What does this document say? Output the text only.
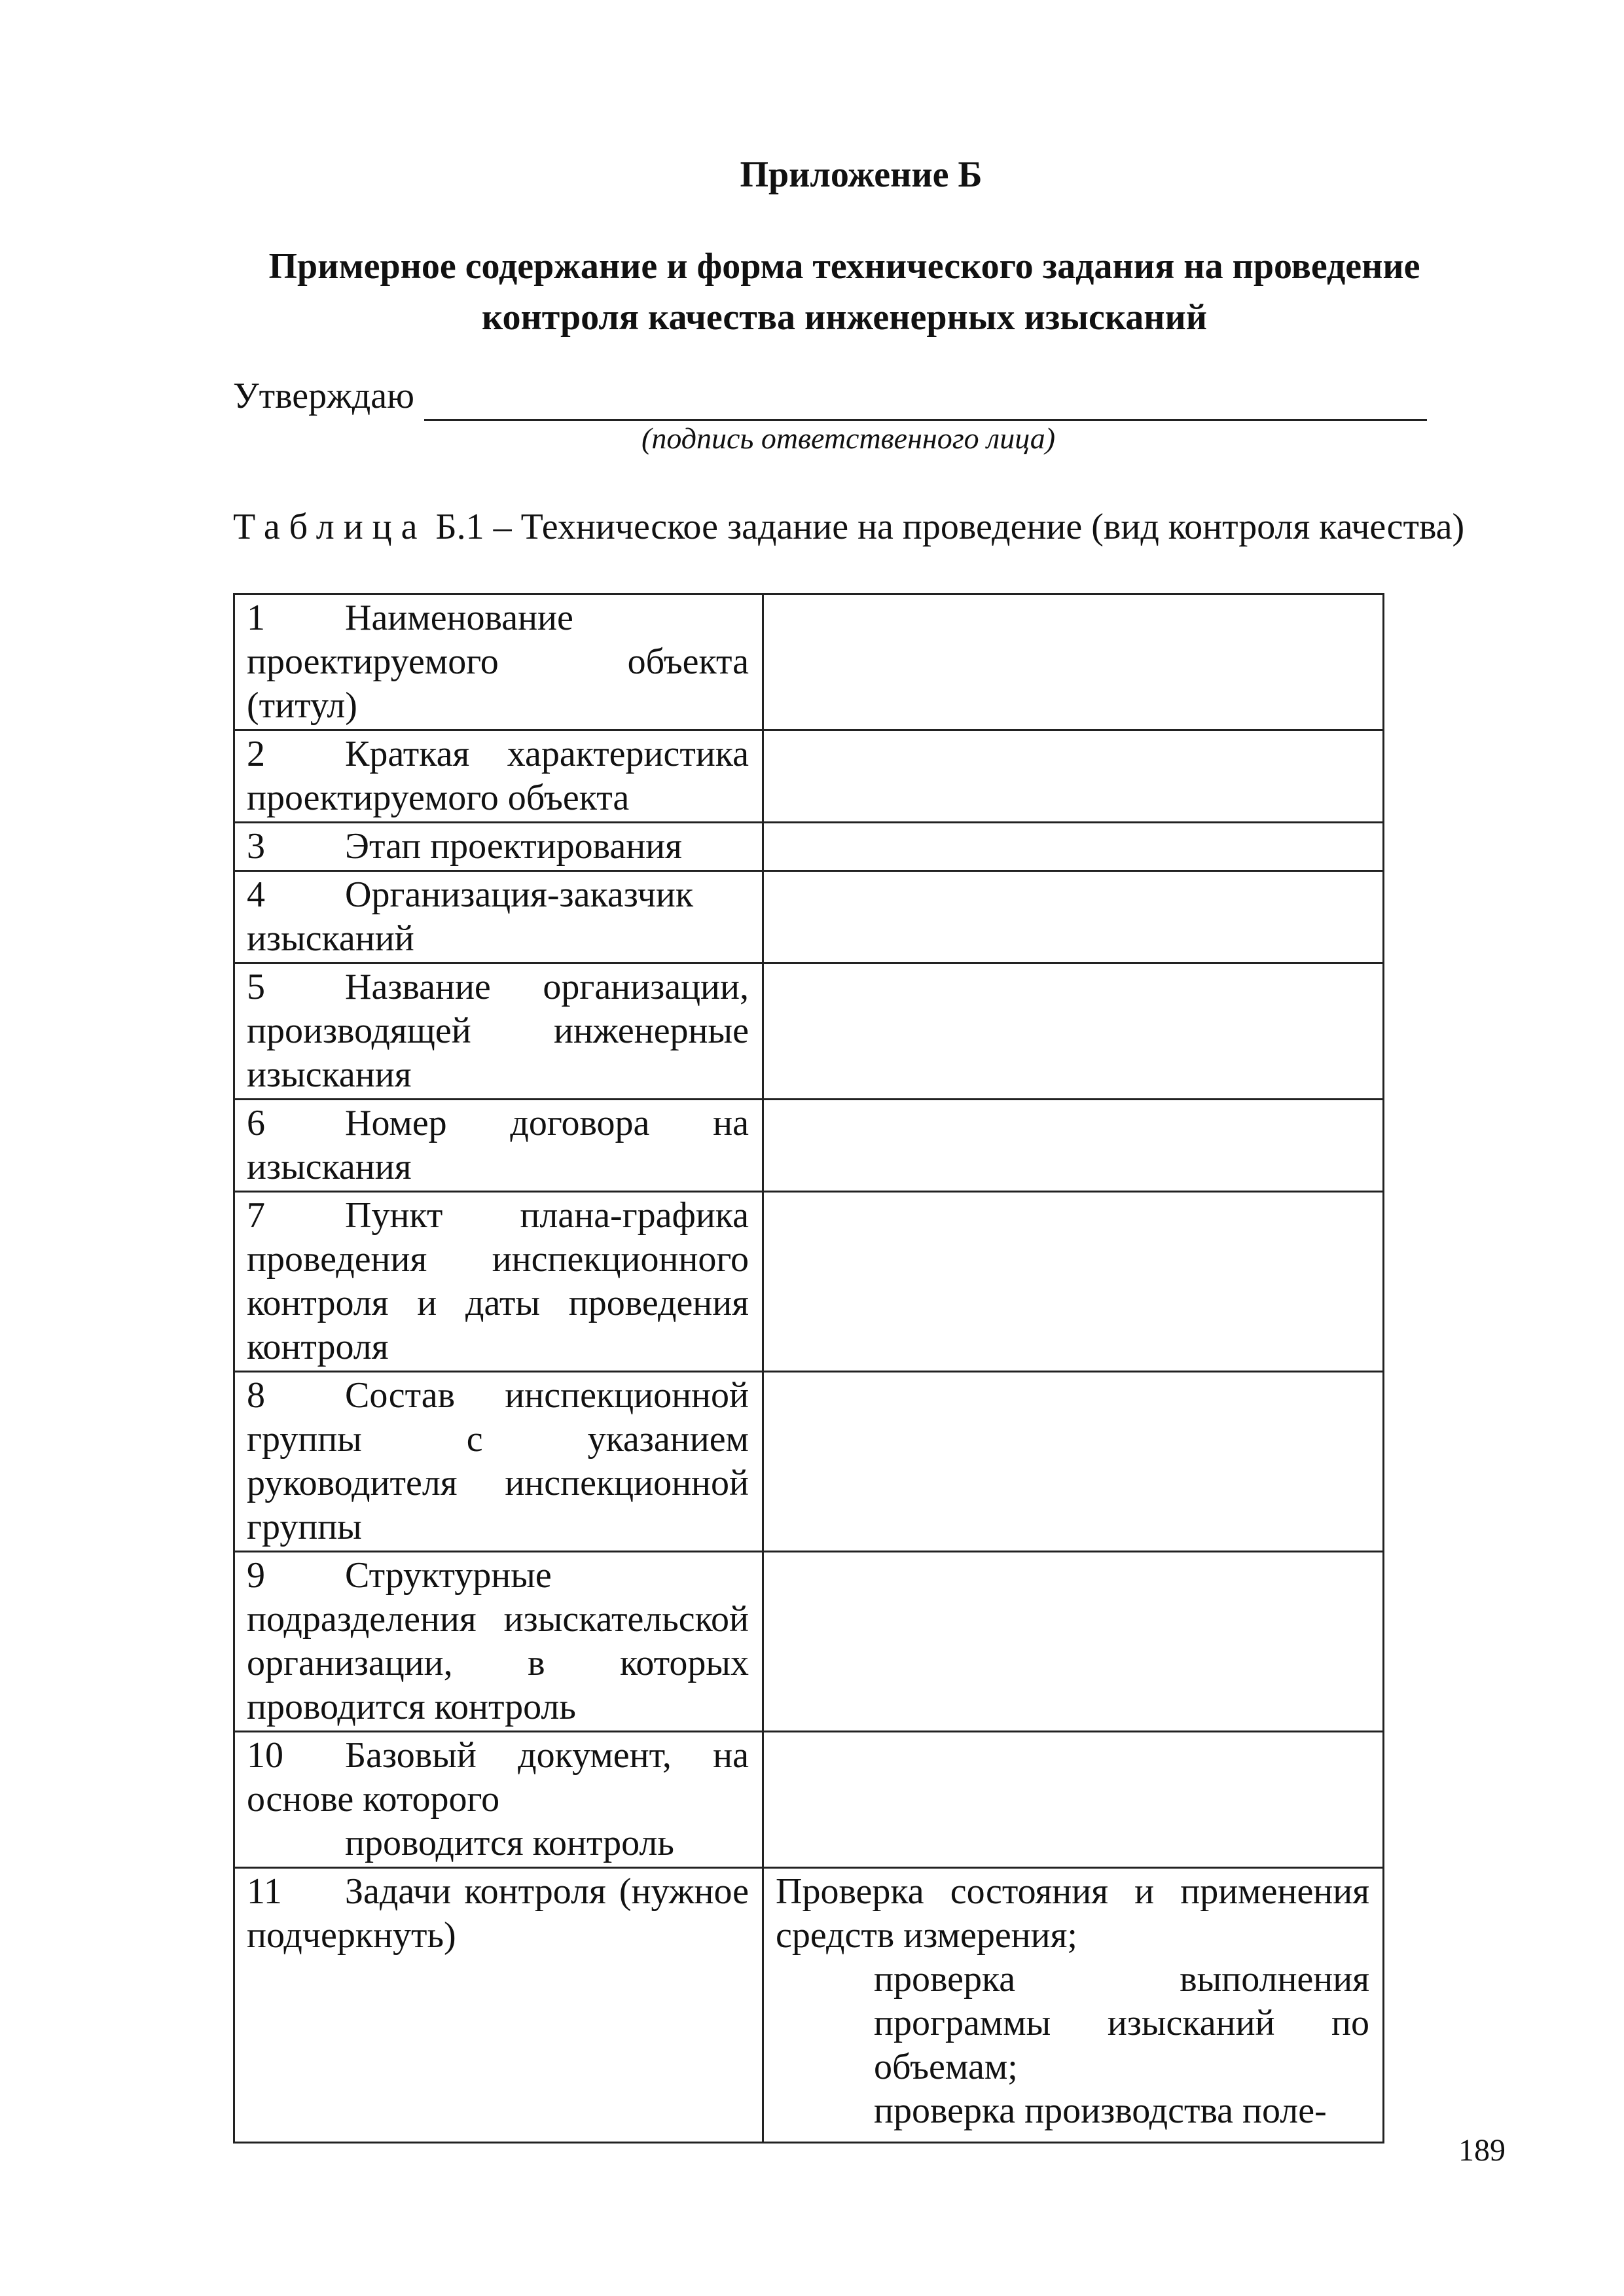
Приложение Б
Примерное содержание и форма технического задания на проведение контроля качества инженерных изысканий
Утверждаю
(подпись ответственного лица)
Таблица Б.1 – Техническое задание на проведение (вид контроля качества)
1 Наименование проектируемого объекта (титул)	

2 Краткая характеристика проектируемого объекта	

3 Этап проектирования	

4 Организация-заказчик изысканий	

5 Название организации, производящей инженерные изыскания	

6 Номер договора на изыскания	

7 Пункт плана-графика проведения инспекционного контроля и даты проведения контроля	

8 Состав инспекционной группы с указанием руководителя инспекционной группы	

9 Структурные подразделения изыскательской организации, в которых проводится контроль	

10 Базовый документ, на основе которого
проводится контроль	

11 Задачи контроля (нужное подчеркнуть)	Проверка состояния и применения средств измерения;
проверка выполнения программы изысканий по объемам;
проверка производства поле-
189
